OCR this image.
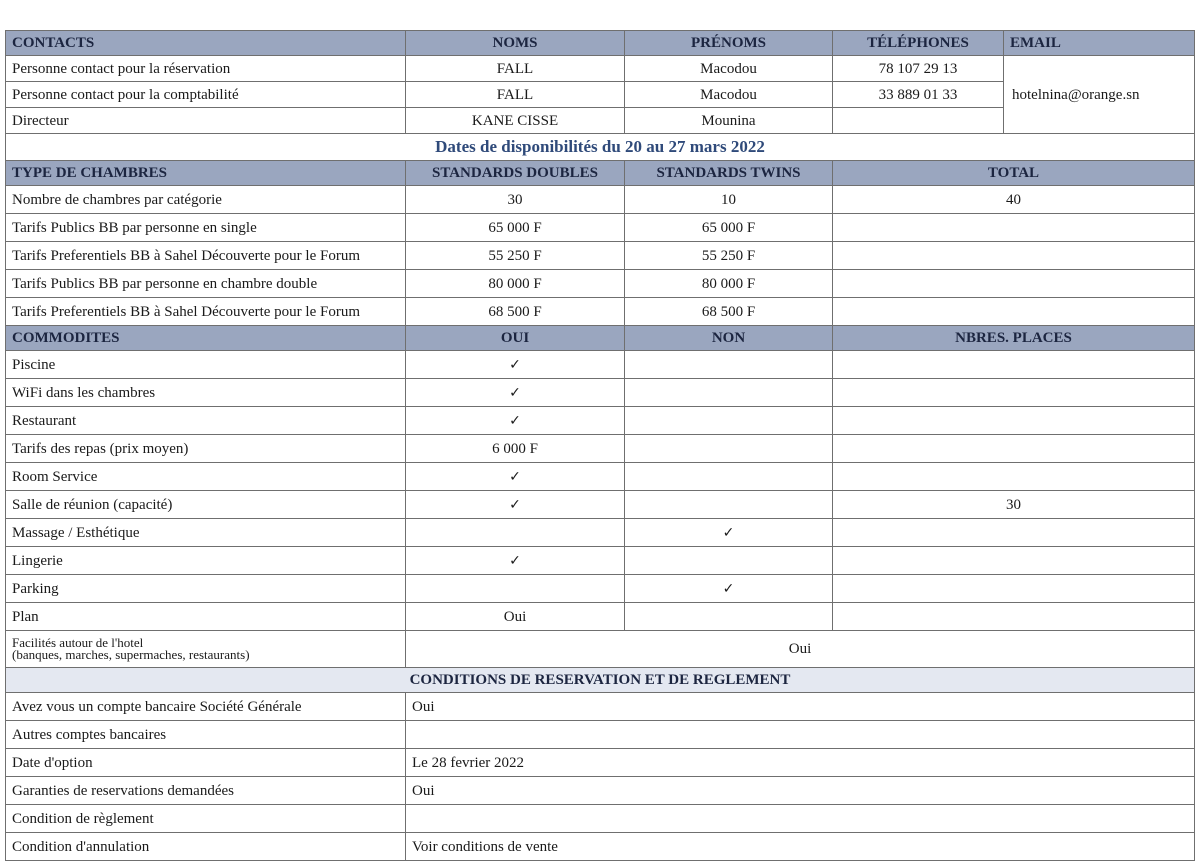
CONTACTS	NOMS	PRÉNOMS	TÉLÉPHONES	EMAIL
Personne contact pour la réservation	FALL	Macodou	78 107 29 13	hotelnina@orange.sn
Personne contact pour la comptabilité	FALL	Macodou	33 889 01 33	
Directeur	KANE CISSE	Mounina		
Dates de disponibilités du 20 au 27 mars 2022				
TYPE DE CHAMBRES	STANDARDS DOUBLES	STANDARDS TWINS	TOTAL	
Nombre de chambres par catégorie	30	10	40	
Tarifs Publics BB par personne en single	65 000 F	65 000 F		
Tarifs Preferentiels BB à Sahel Découverte pour le Forum	55 250 F	55 250 F		
Tarifs Publics BB par personne en chambre double	80 000 F	80 000 F		
Tarifs Preferentiels BB à Sahel Découverte pour le Forum	68 500 F	68 500 F		
COMMODITES	OUI	NON	NBRES. PLACES	
Piscine	✓			
WiFi dans les chambres	✓			
Restaurant	✓			
Tarifs des repas (prix moyen)	6 000 F			
Room Service	✓			
Salle de réunion (capacité)	✓		30	
Massage / Esthétique		✓		
Lingerie	✓			
Parking		✓		
Plan	Oui			
Facilités autour de l'hotel
(banques, marches, supermaches, restaurants)	Oui			
CONDITIONS DE RESERVATION ET DE REGLEMENT				
Avez vous un compte bancaire Société Générale	Oui			
Autres comptes bancaires				
Date d'option	Le 28 fevrier 2022			
Garanties de reservations demandées	Oui			
Condition de règlement				
Condition d'annulation	Voir conditions de vente			
